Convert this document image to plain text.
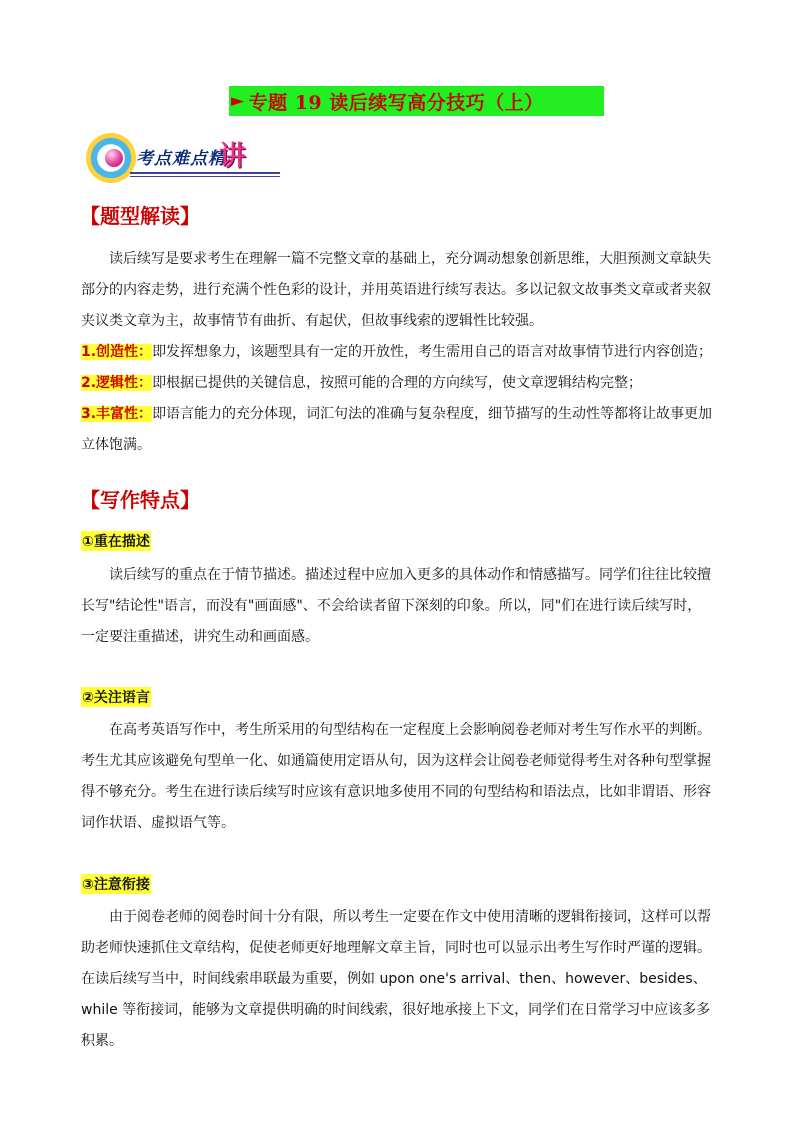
► 专题 19 读后续写高分技巧（上）
考点难点精
讲
【题型解读】

读后续写是要求考生在理解一篇不完整文章的基础上，充分调动想象创新思维，大胆预测文章缺失部分的内容走势，进行充满个性色彩的设计，并用英语进行续写表达。多以记叙文故事类文章或者夹叙夹议类文章为主，故事情节有曲折、有起伏，但故事线索的逻辑性比较强。

1.创造性：即发挥想象力，该题型具有一定的开放性，考生需用自己的语言对故事情节进行内容创造；

2.逻辑性：即根据已提供的关键信息，按照可能的合理的方向续写，使文章逻辑结构完整；

3.丰富性：即语言能力的充分体现，词汇句法的准确与复杂程度，细节描写的生动性等都将让故事更加立体饱满。

【写作特点】
①重在描述

读后续写的重点在于情节描述。描述过程中应加入更多的具体动作和情感描写。同学们往往比较擅长写"结论性"语言，而没有"画面感"、不会给读者留下深刻的印象。所以，同"们在进行读后续写时，一定要注重描述，讲究生动和画面感。

②关注语言

在高考英语写作中，考生所采用的句型结构在一定程度上会影响阅卷老师对考生写作水平的判断。考生尤其应该避免句型单一化、如通篇使用定语从句，因为这样会让阅卷老师觉得考生对各种句型掌握得不够充分。考生在进行读后续写时应该有意识地多使用不同的句型结构和语法点，比如非谓语、形容词作状语、虚拟语气等。

③注意衔接

由于阅卷老师的阅卷时间十分有限，所以考生一定要在作文中使用清晰的逻辑衔接词，这样可以帮助老师快速抓住文章结构，促使老师更好地理解文章主旨，同时也可以显示出考生写作时严谨的逻辑。在读后续写当中，时间线索串联最为重要，例如 upon one's arrival、then、however、besides、while 等衔接词，能够为文章提供明确的时间线索，很好地承接上下文，同学们在日常学习中应该多多积累。
